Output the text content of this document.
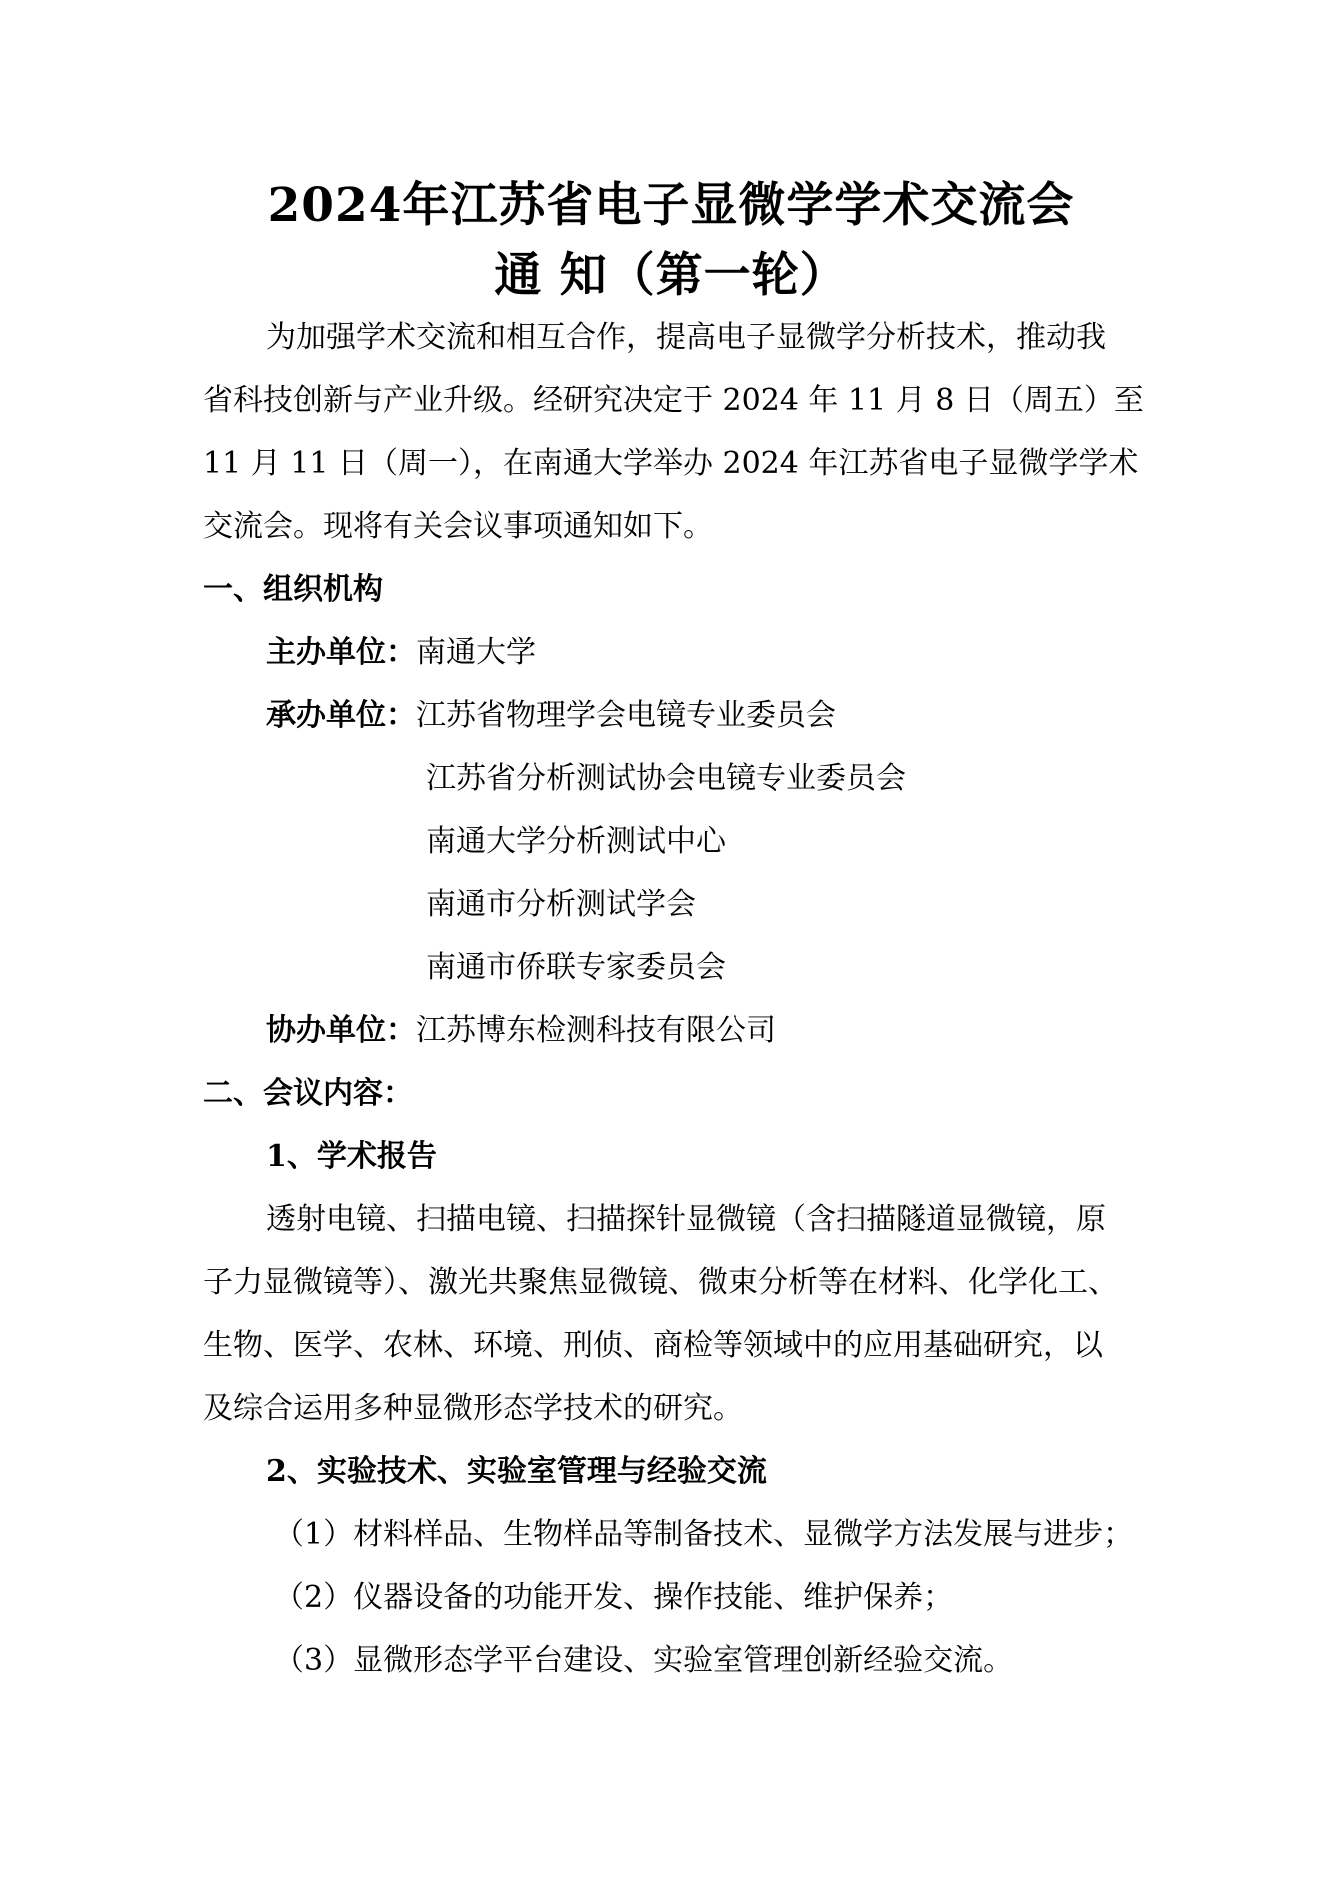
2024年江苏省电子显微学学术交流会
通 知（第一轮）
为加强学术交流和相互合作，提高电子显微学分析技术，推动我
省科技创新与产业升级。经研究决定于 2024 年 11 月 8 日（周五）至
11 月 11 日（周一），在南通大学举办 2024 年江苏省电子显微学学术
交流会。现将有关会议事项通知如下。
一、组织机构
主办单位：南通大学
承办单位：江苏省物理学会电镜专业委员会
江苏省分析测试协会电镜专业委员会
南通大学分析测试中心
南通市分析测试学会
南通市侨联专家委员会
协办单位：江苏博东检测科技有限公司
二、会议内容：
1、学术报告
透射电镜、扫描电镜、扫描探针显微镜（含扫描隧道显微镜，原
子力显微镜等）、激光共聚焦显微镜、微束分析等在材料、化学化工、
生物、医学、农林、环境、刑侦、商检等领域中的应用基础研究，以
及综合运用多种显微形态学技术的研究。
2、实验技术、实验室管理与经验交流
（1）材料样品、生物样品等制备技术、显微学方法发展与进步；
（2）仪器设备的功能开发、操作技能、维护保养；
（3）显微形态学平台建设、实验室管理创新经验交流。
